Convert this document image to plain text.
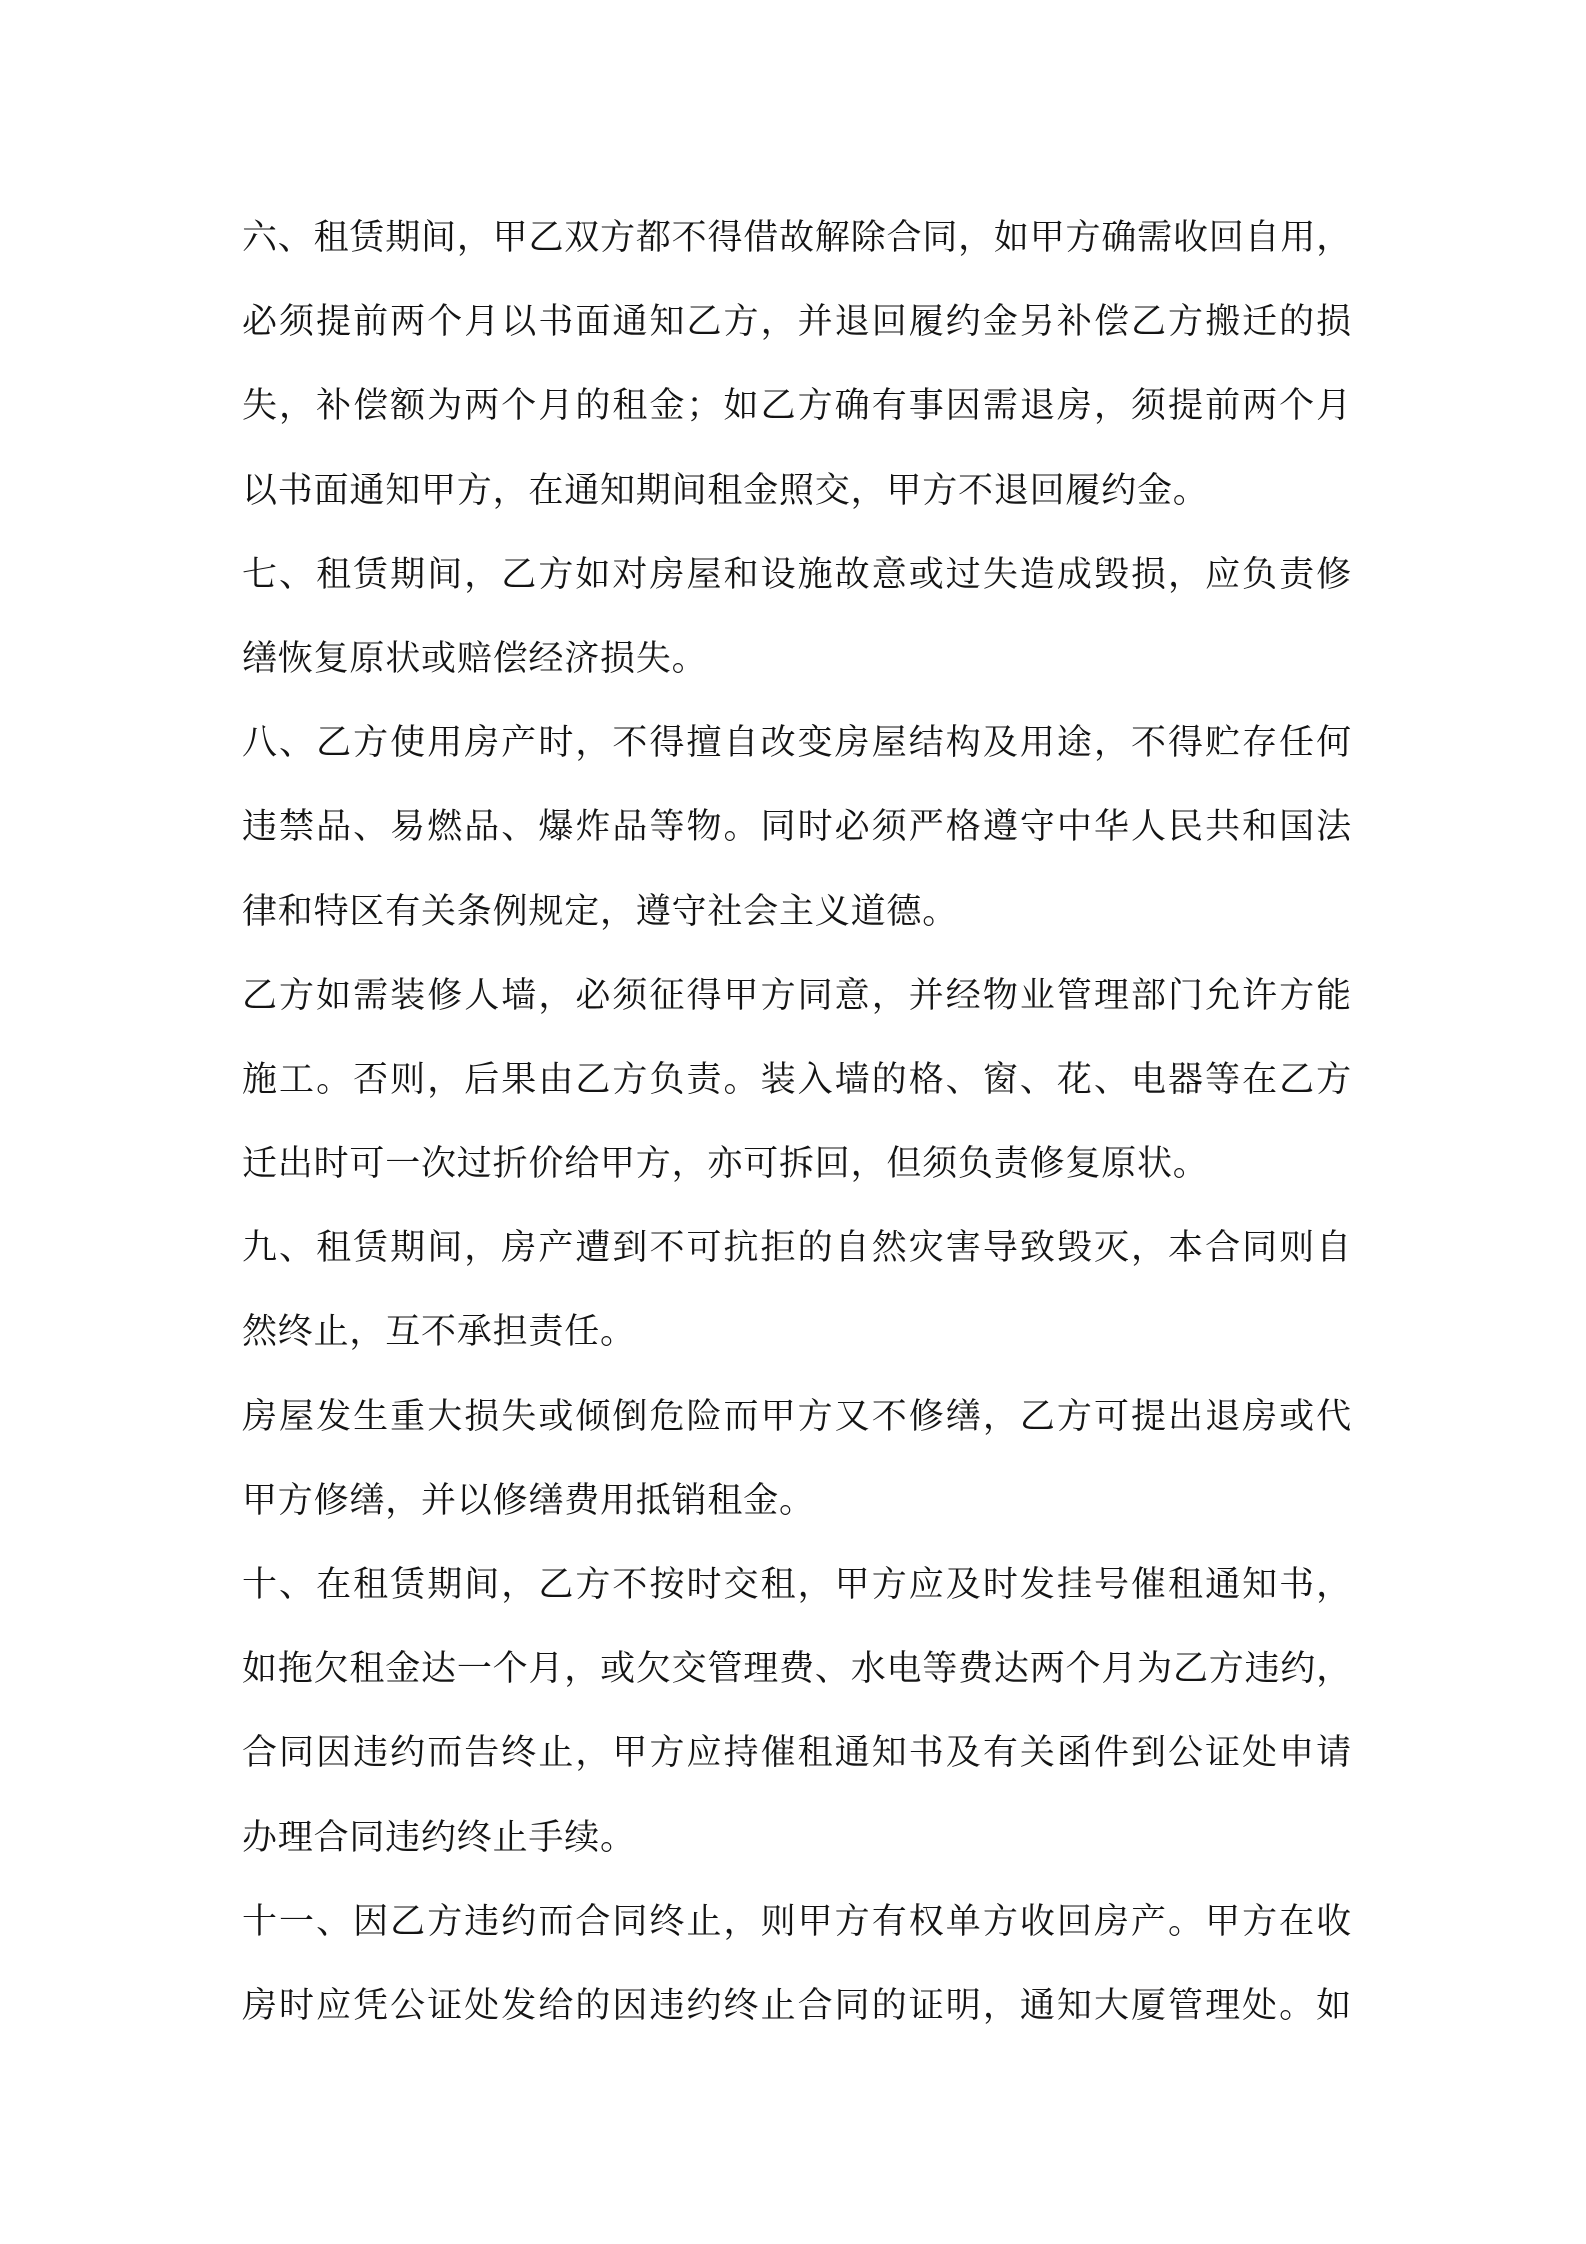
六、租赁期间，甲乙双方都不得借故解除合同，如甲方确需收回自用，
必须提前两个月以书面通知乙方，并退回履约金另补偿乙方搬迁的损
失，补偿额为两个月的租金；如乙方确有事因需退房，须提前两个月
以书面通知甲方，在通知期间租金照交，甲方不退回履约金。
七、租赁期间，乙方如对房屋和设施故意或过失造成毁损，应负责修
缮恢复原状或赔偿经济损失。
八、乙方使用房产时，不得擅自改变房屋结构及用途，不得贮存任何
违禁品、易燃品、爆炸品等物。同时必须严格遵守中华人民共和国法
律和特区有关条例规定，遵守社会主义道德。
乙方如需装修人墙，必须征得甲方同意，并经物业管理部门允许方能
施工。否则，后果由乙方负责。装入墙的格、窗、花、电器等在乙方
迁出时可一次过折价给甲方，亦可拆回，但须负责修复原状。
九、租赁期间，房产遭到不可抗拒的自然灾害导致毁灭，本合同则自
然终止，互不承担责任。
房屋发生重大损失或倾倒危险而甲方又不修缮，乙方可提出退房或代
甲方修缮，并以修缮费用抵销租金。
十、在租赁期间，乙方不按时交租，甲方应及时发挂号催租通知书，
如拖欠租金达一个月，或欠交管理费、水电等费达两个月为乙方违约，
合同因违约而告终止，甲方应持催租通知书及有关函件到公证处申请
办理合同违约终止手续。
十一、因乙方违约而合同终止，则甲方有权单方收回房产。甲方在收
房时应凭公证处发给的因违约终止合同的证明，通知大厦管理处。如
